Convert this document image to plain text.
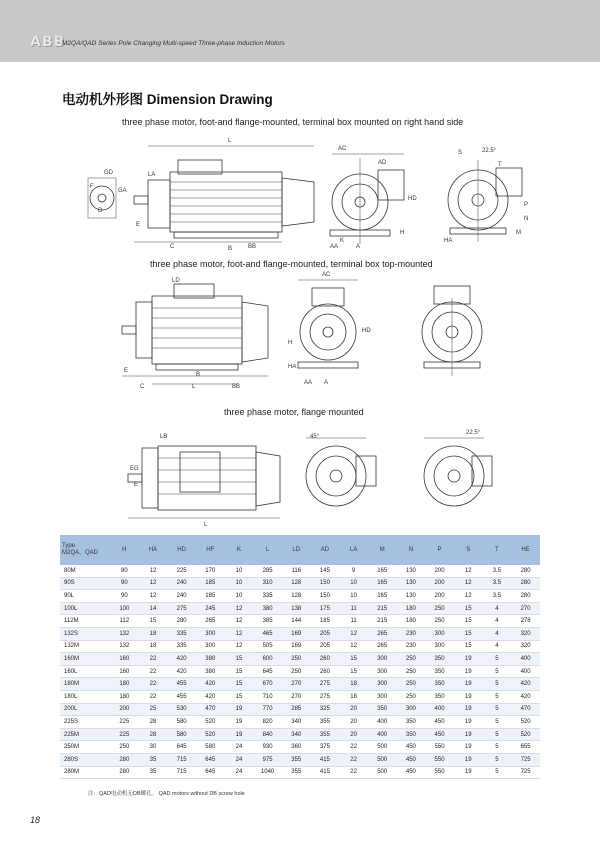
ABB
M2QA/QAD Series Pole Changing Multi-speed Three-phase Induction Motors
电动机外形图 Dimension Drawing
three phase motor, foot-and flange-mounted, terminal box mounted on right hand side
three phase motor, foot-and flange-mounted, terminal box top-mounted
three phase motor, flange mounted
GD
F
D
GA
E
L
LA
AC
AD
HD
H
A
B
K
AA
BB
C
M
N
P
S
T
HA
22.5°
LD
L
E
C
B
BB
A
AA
AC
H
HA
HD
L
LB
EG
E
22.5°
45°
Type
M2QA、QAD	H	HA	HD	HF	K	L	LD	AD	LA	M	N	P	S	T	HE
80M	80	12	225	170	10	285	116	145	9	165	130	200	12	3.5	280
90S	90	12	240	185	10	310	128	150	10	165	130	200	12	3.5	280
90L	90	12	240	185	10	335	128	150	10	165	130	200	12	3.5	280
100L	100	14	275	245	12	380	138	175	11	215	180	250	15	4	270
112M	112	15	280	265	12	385	144	185	11	215	180	250	15	4	278
132S	132	18	335	300	12	465	169	205	12	265	230	300	15	4	320
132M	132	18	335	300	12	505	169	205	12	265	230	300	15	4	320
160M	160	22	420	380	15	600	250	260	15	300	250	350	19	5	400
160L	160	22	420	380	15	645	250	260	15	300	250	350	19	5	400
180M	180	22	455	420	15	670	270	275	18	300	250	350	19	5	420
180L	180	22	455	420	15	710	270	275	18	300	250	350	19	5	420
200L	200	25	530	470	19	770	285	325	20	350	300	400	19	5	470
225S	225	28	580	520	19	820	340	355	20	400	350	450	19	5	520
225M	225	28	580	520	19	840	340	355	20	400	350	450	19	5	520
250M	250	30	645	580	24	930	360	375	22	500	450	550	19	5	655
280S	280	35	715	645	24	975	355	415	22	500	450	550	19	5	725
280M	280	35	715	645	24	1040	355	415	22	500	450	550	19	5	725
注：QAD电动机无DB螺孔。 QAD motors without DB screw hole
18
